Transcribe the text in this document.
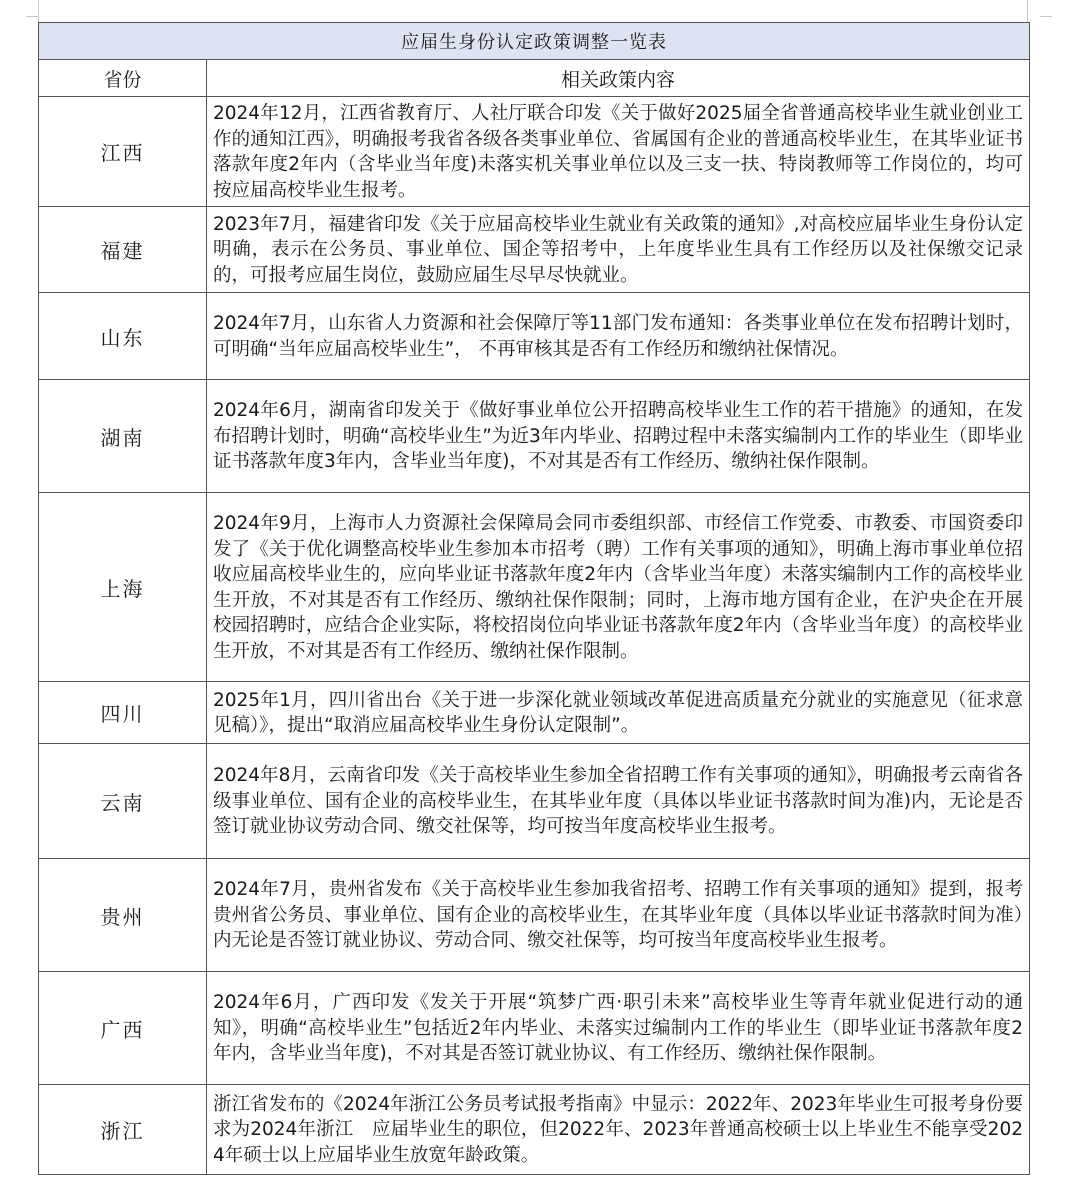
应届生身份认定政策调整一览表	
省份	相关政策内容
江西	2024年12月，江西省教育厅、人社厅联合印发《关于做好2025届全省普通高校毕业生就业创业工作的通知江西》，明确报考我省各级各类事业单位、省属国有企业的普通高校毕业生，在其毕业证书落款年度2年内（含毕业当年度)未落实机关事业单位以及三支一扶、特岗教师等工作岗位的，均可按应届高校毕业生报考。
福建	2023年7月，福建省印发《关于应届高校毕业生就业有关政策的通知》,对高校应届毕业生身份认定明确，表示在公务员、事业单位、国企等招考中，上年度毕业生具有工作经历以及社保缴交记录的，可报考应届生岗位，鼓励应届生尽早尽快就业。
山东	2024年7月，山东省人力资源和社会保障厅等11部门发布通知：各类事业单位在发布招聘计划时，可明确“当年应届高校毕业生”， 不再审核其是否有工作经历和缴纳社保情况。
湖南	2024年6月，湖南省印发关于《做好事业单位公开招聘高校毕业生工作的若干措施》的通知，在发布招聘计划时，明确“高校毕业生”为近3年内毕业、招聘过程中未落实编制内工作的毕业生（即毕业证书落款年度3年内，含毕业当年度)，不对其是否有工作经历、缴纳社保作限制。
上海	2024年9月，上海市人力资源社会保障局会同市委组织部、市经信工作党委、市教委、市国资委印发了《关于优化调整高校毕业生参加本市招考（聘）工作有关事项的通知》，明确上海市事业单位招收应届高校毕业生的，应向毕业证书落款年度2年内（含毕业当年度）未落实编制内工作的高校毕业生开放，不对其是否有工作经历、缴纳社保作限制；同时，上海市地方国有企业，在沪央企在开展校园招聘时，应结合企业实际，将校招岗位向毕业证书落款年度2年内（含毕业当年度）的高校毕业生开放，不对其是否有工作经历、缴纳社保作限制。
四川	2025年1月，四川省出台《关于进一步深化就业领域改革促进高质量充分就业的实施意见（征求意见稿）》，提出“取消应届高校毕业生身份认定限制”。
云南	2024年8月，云南省印发《关于高校毕业生参加全省招聘工作有关事项的通知》，明确报考云南省各级事业单位、国有企业的高校毕业生，在其毕业年度（具体以毕业证书落款时间为准)内，无论是否签订就业协议劳动合同、缴交社保等，均可按当年度高校毕业生报考。
贵州	2024年7月，贵州省发布《关于高校毕业生参加我省招考、招聘工作有关事项的通知》提到，报考贵州省公务员、事业单位、国有企业的高校毕业生，在其毕业年度（具体以毕业证书落款时间为准）内无论是否签订就业协议、劳动合同、缴交社保等，均可按当年度高校毕业生报考。
广西	2024年6月，广西印发《发关于开展“筑梦广西·职引未来”高校毕业生等青年就业促进行动的通知》，明确“高校毕业生”包括近2年内毕业、未落实过编制内工作的毕业生（即毕业证书落款年度2年内，含毕业当年度)，不对其是否签订就业协议、有工作经历、缴纳社保作限制。
浙江	浙江省发布的《2024年浙江公务员考试报考指南》中显示：2022年、2023年毕业生可报考身份要求为2024年浙江　应届毕业生的职位，但2022年、2023年普通高校硕士以上毕业生不能享受2024年硕士以上应届毕业生放宽年龄政策。
